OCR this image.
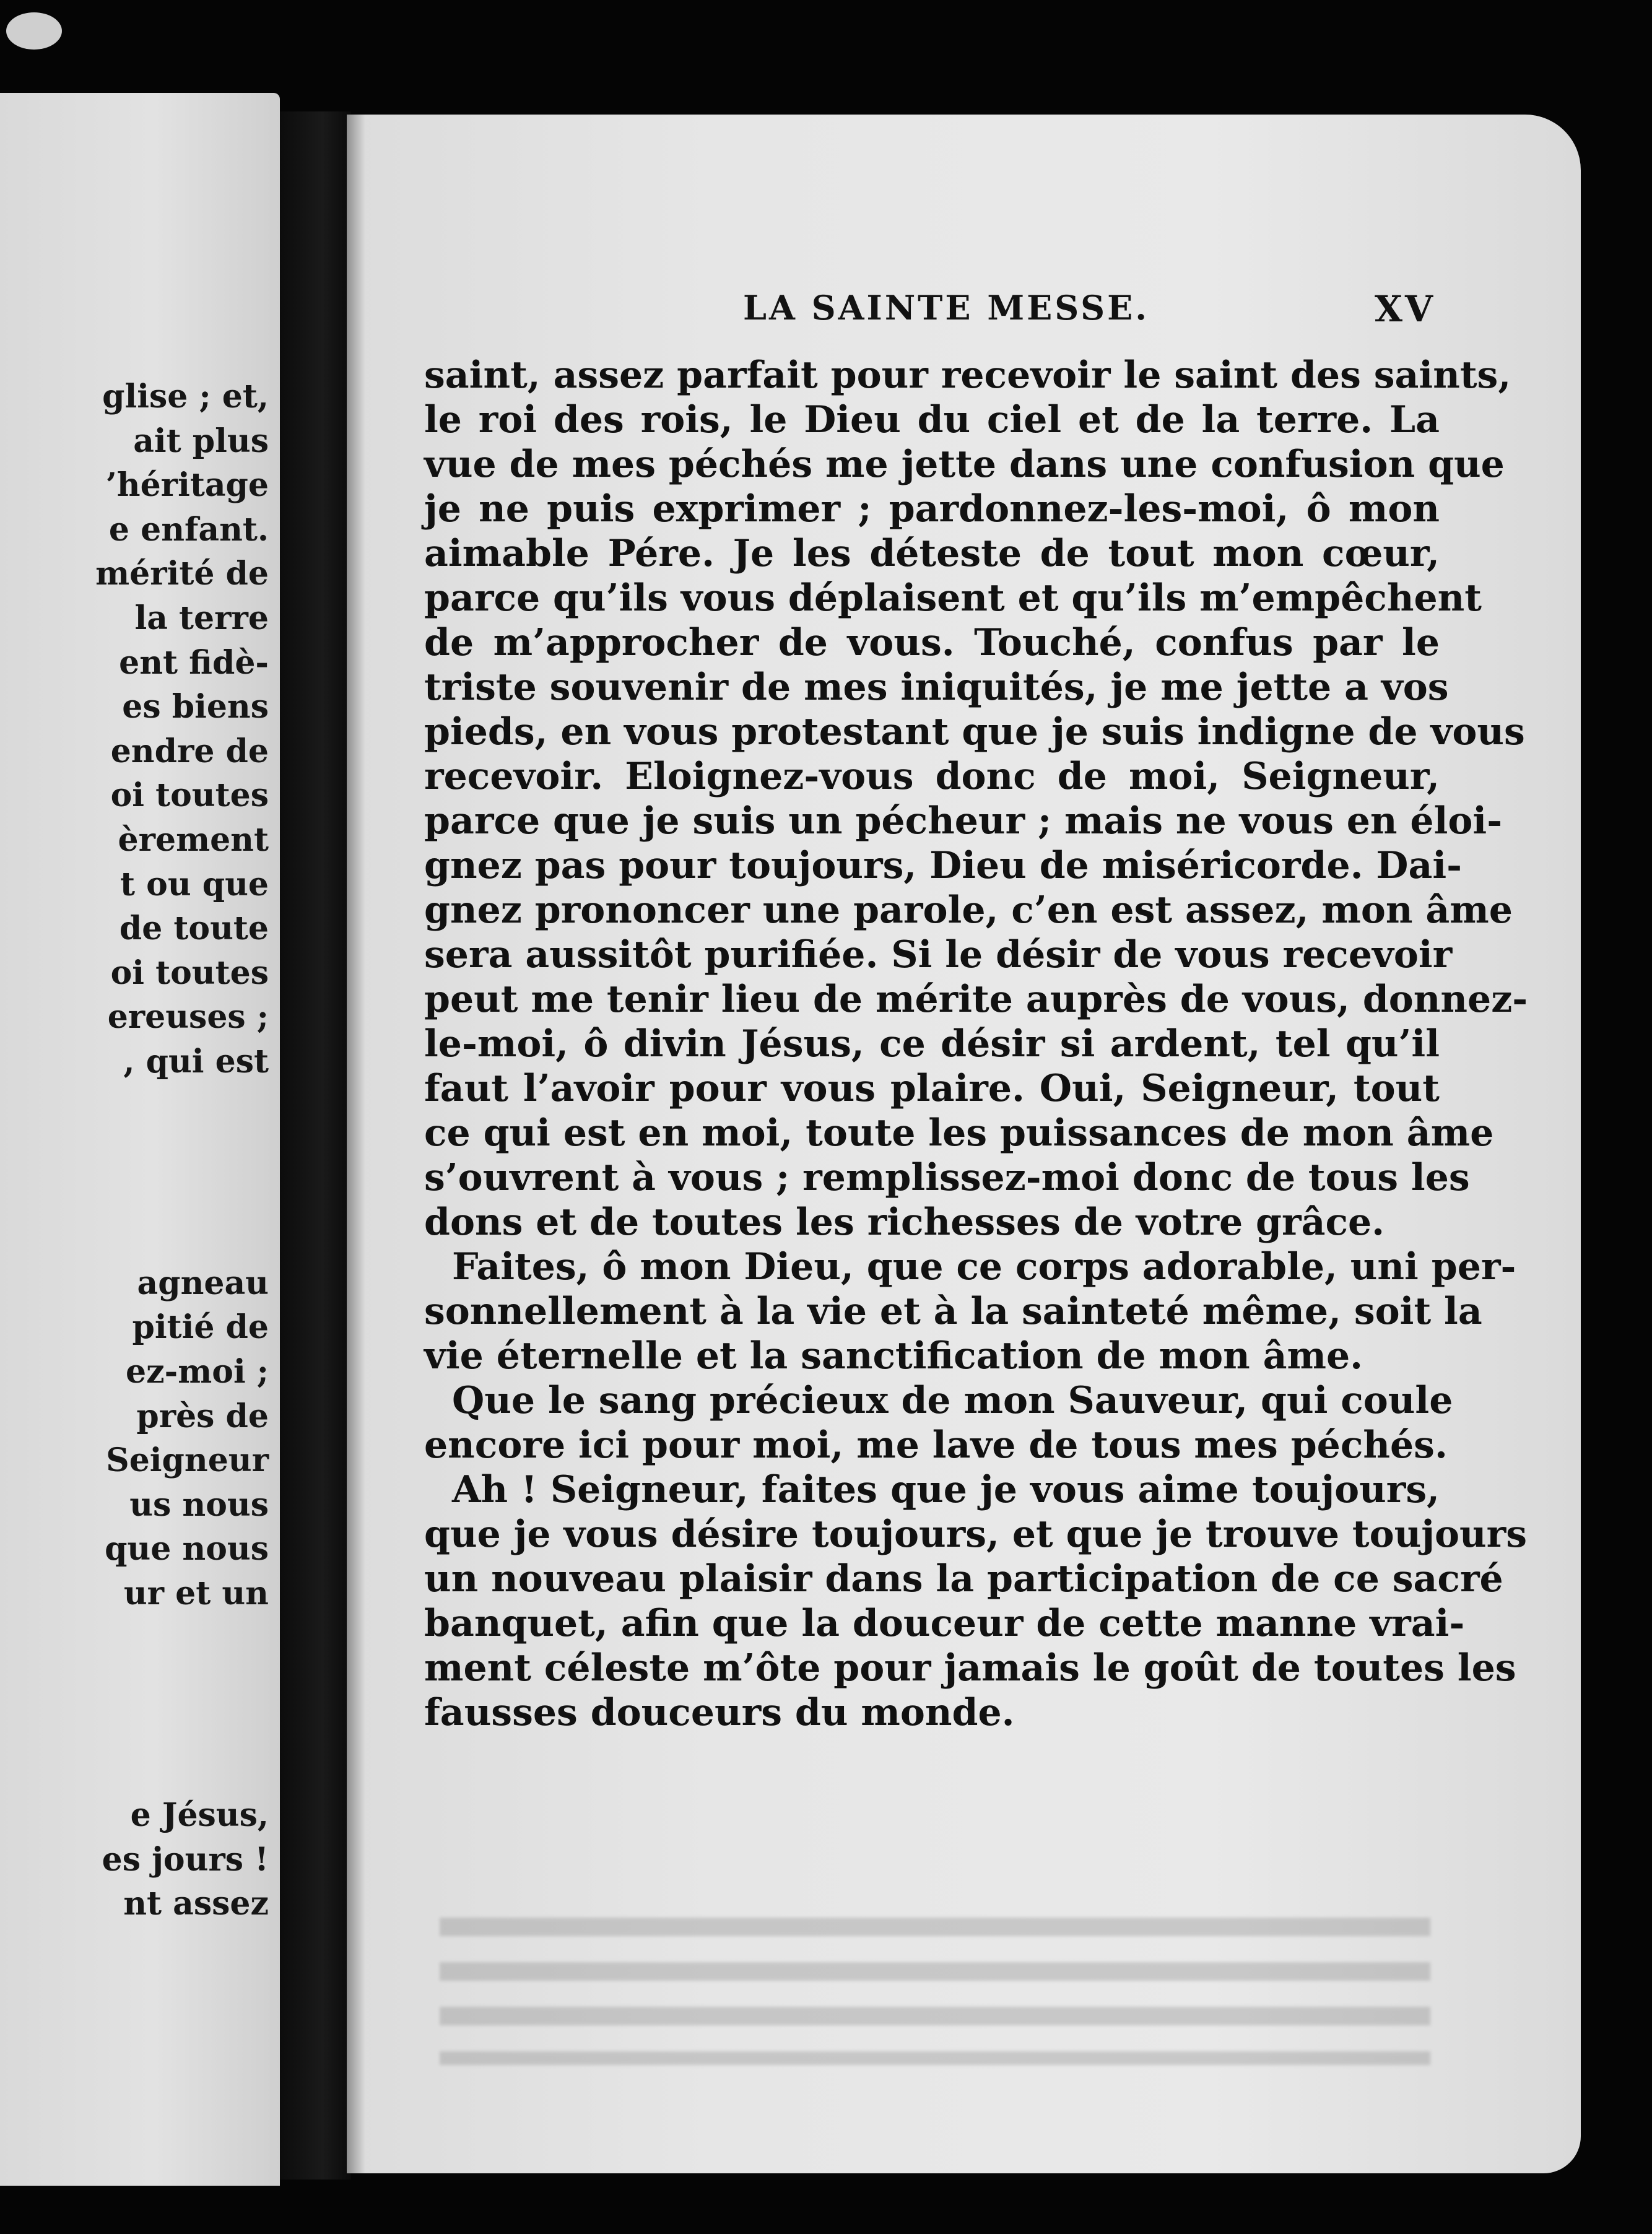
glise ; et,
ait plus
’héritage
e enfant.
mérité de
la terre
ent fidè-
es biens
endre de
oi toutes
èrement
t ou que
de toute
oi toutes
ereuses ;
, qui est
agneau
pitié de
ez-moi ;
près de
Seigneur
us nous
que nous
ur et un
e Jésus,
es jours !
nt assez
LA SAINTE MESSE.	XV
saint, assez parfait pour recevoir le saint des saints,
le roi des rois, le Dieu du ciel et de la terre. La
vue de mes péchés me jette dans une confusion que
je ne puis exprimer ; pardonnez-les-moi, ô mon
aimable Pére. Je les déteste de tout mon cœur,
parce qu’ils vous déplaisent et qu’ils m’empêchent
de m’approcher de vous. Touché, confus par le
triste souvenir de mes iniquités, je me jette a vos
pieds, en vous protestant que je suis indigne de vous
recevoir. Eloignez-vous donc de moi, Seigneur,
parce que je suis un pécheur ; mais ne vous en éloi-
gnez pas pour toujours, Dieu de miséricorde. Dai-
gnez prononcer une parole, c’en est assez, mon âme
sera aussitôt purifiée. Si le désir de vous recevoir
peut me tenir lieu de mérite auprès de vous, donnez-
le-moi, ô divin Jésus, ce désir si ardent, tel qu’il
faut l’avoir pour vous plaire. Oui, Seigneur, tout
ce qui est en moi, toute les puissances de mon âme
s’ouvrent à vous ; remplissez-moi donc de tous les
dons et de toutes les richesses de votre grâce.
Faites, ô mon Dieu, que ce corps adorable, uni per-
sonnellement à la vie et à la sainteté même, soit la
vie éternelle et la sanctification de mon âme.
Que le sang précieux de mon Sauveur, qui coule
encore ici pour moi, me lave de tous mes péchés.
Ah ! Seigneur, faites que je vous aime toujours,
que je vous désire toujours, et que je trouve toujours
un nouveau plaisir dans la participation de ce sacré
banquet, afin que la douceur de cette manne vrai-
ment céleste m’ôte pour jamais le goût de toutes les
fausses douceurs du monde.
